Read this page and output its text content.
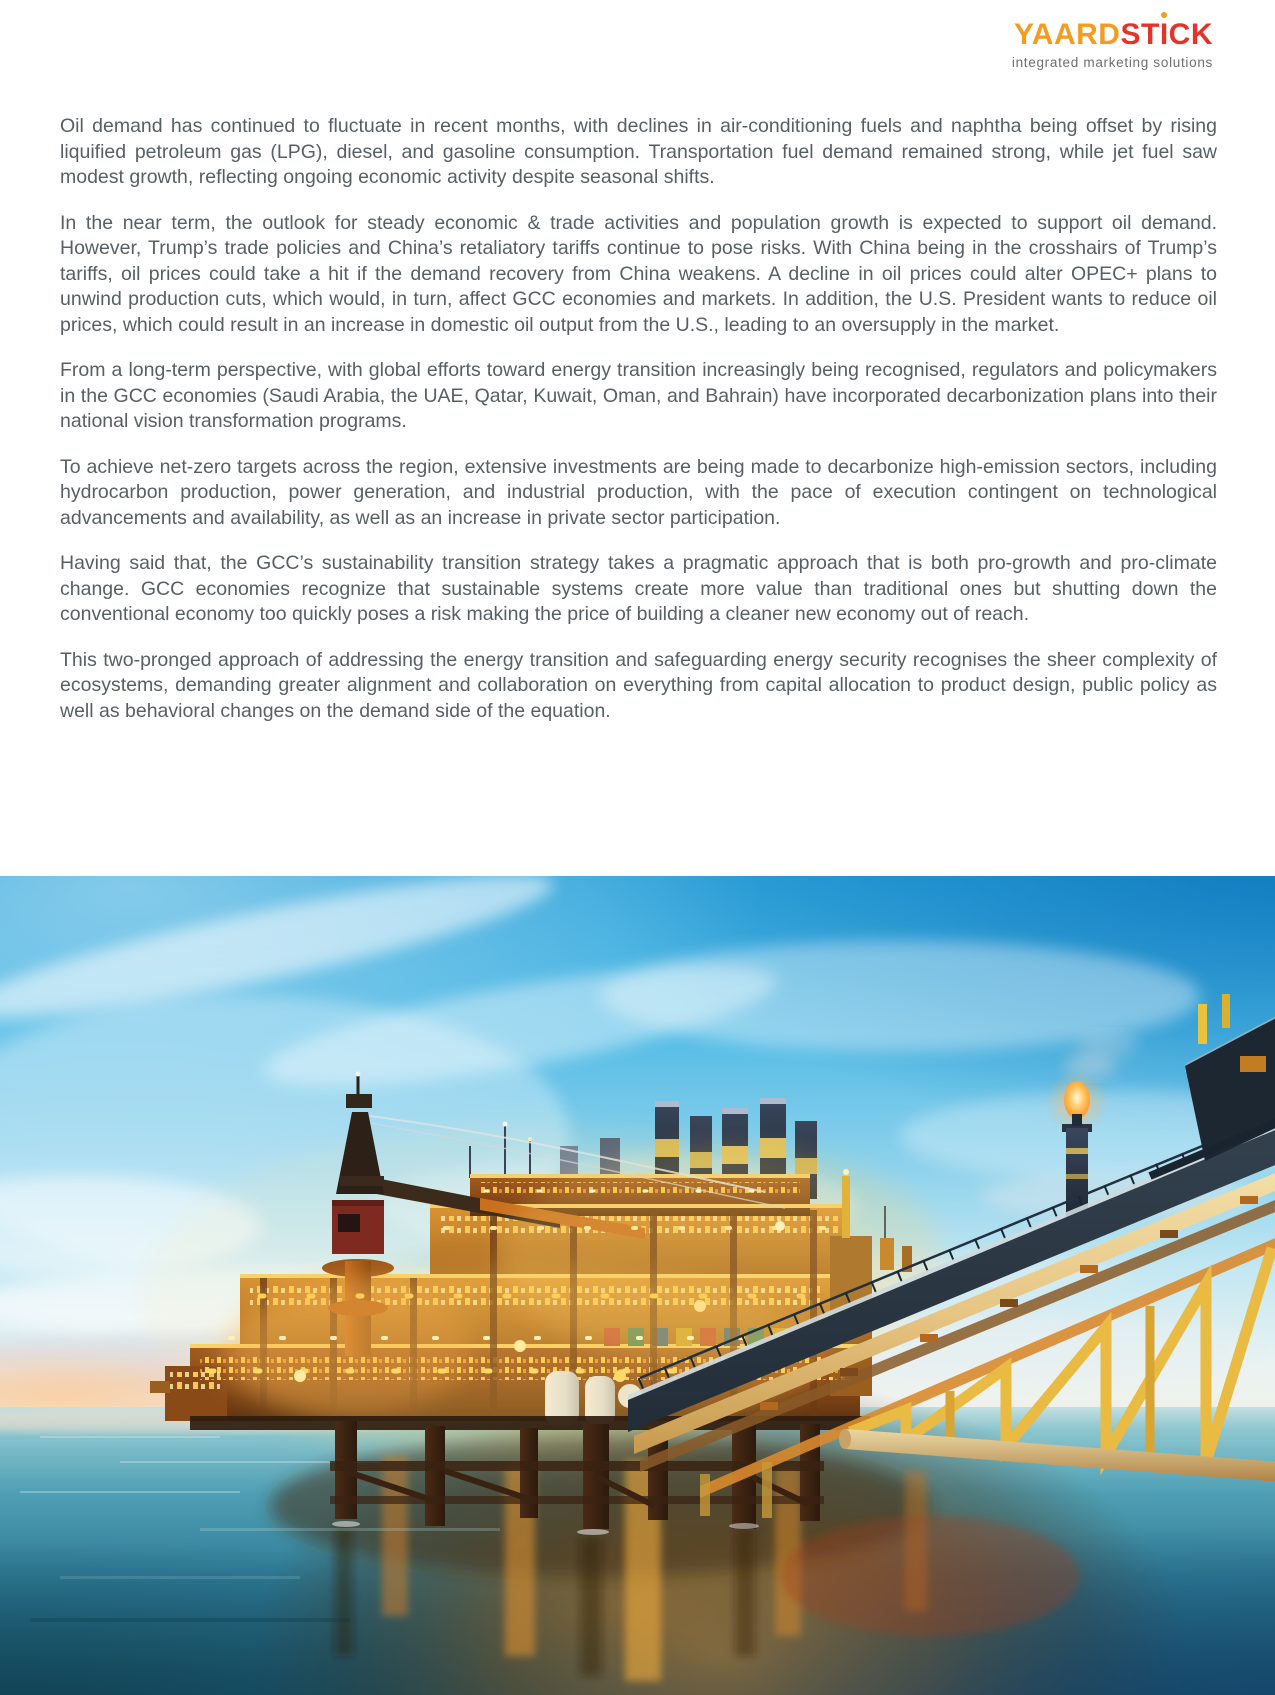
YAARDST
ICK
integrated marketing solutions

Oil demand has continued to fluctuate in recent months, with declines in air-conditioning fuels and naphtha being offset by rising liquified petroleum gas (LPG), diesel, and gasoline consumption. Transportation fuel demand remained strong, while jet fuel saw modest growth, reflecting ongoing economic activity despite seasonal shifts.

In the near term, the outlook for steady economic & trade activities and population growth is expected to support oil demand. However, Trump’s trade policies and China’s retaliatory tariffs continue to pose risks. With China being in the crosshairs of Trump’s tariffs, oil prices could take a hit if the demand recovery from China weakens. A decline in oil prices could alter OPEC+ plans to unwind production cuts, which would, in turn, affect GCC economies and markets. In addition, the U.S. President wants to reduce oil prices, which could result in an increase in domestic oil output from the U.S., leading to an oversupply in the market.

From a long-term perspective, with global efforts toward energy transition increasingly being recognised, regulators and policymakers in the GCC economies (Saudi Arabia, the UAE, Qatar, Kuwait, Oman, and Bahrain) have incorporated decarbonization plans into their national vision transformation programs.

To achieve net-zero targets across the region, extensive investments are being made to decarbonize high-emission sectors, including hydrocarbon production, power generation, and industrial production, with the pace of execution contingent on technological advancements and availability, as well as an increase in private sector participation.

Having said that, the GCC’s sustainability transition strategy takes a pragmatic approach that is both pro-growth and pro-climate change. GCC economies recognize that sustainable systems create more value than traditional ones but shutting down the conventional economy too quickly poses a risk making the price of building a cleaner new economy out of reach.

This two-pronged approach of addressing the energy transition and safeguarding energy security recognises the sheer complexity of ecosystems, demanding greater alignment and collaboration on everything from capital allocation to product design, public policy as well as behavioral changes on the demand side of the equation.
